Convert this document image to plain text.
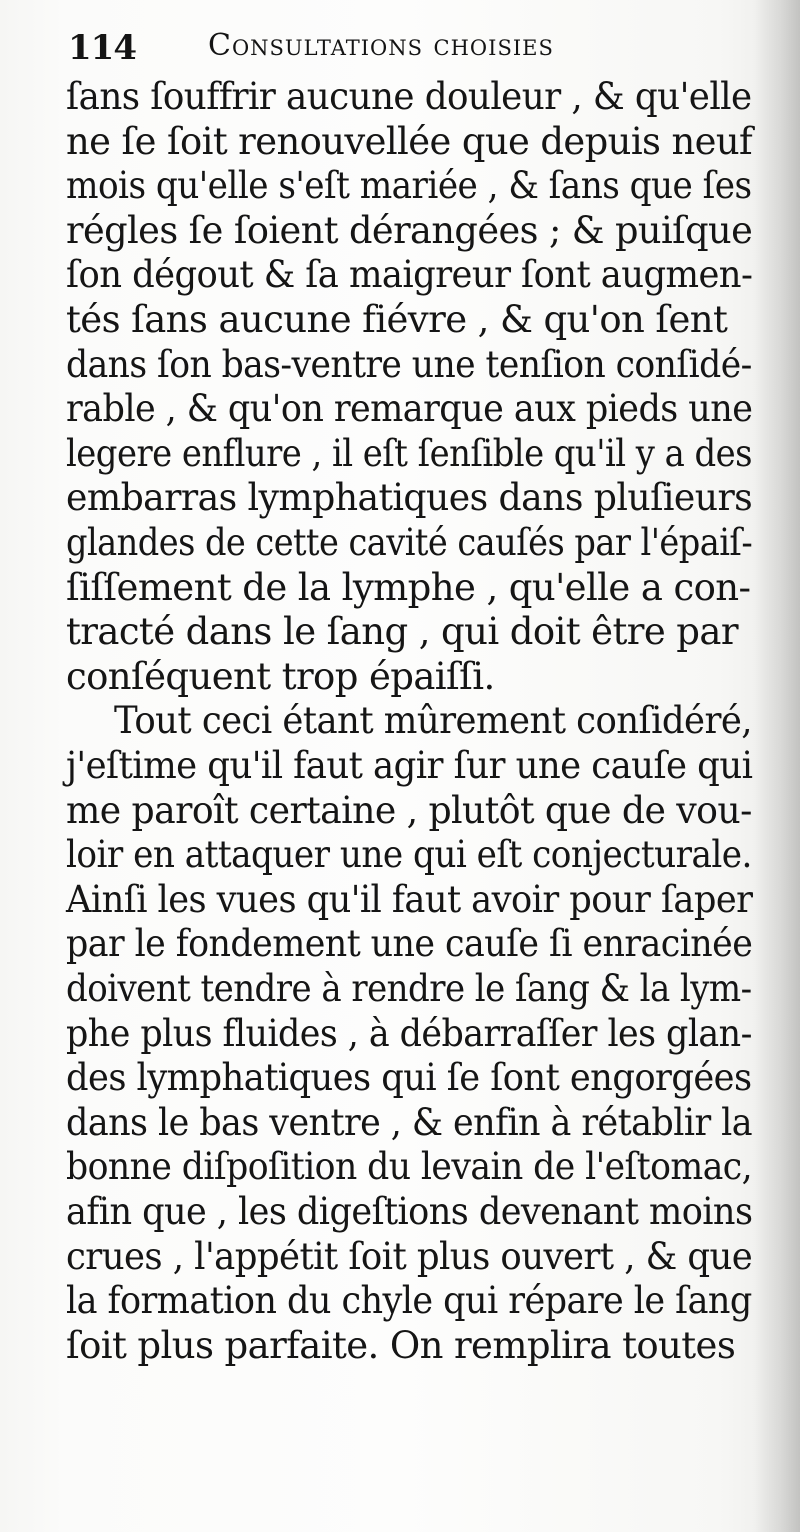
114 Consultations choisies
ſans ſouffrir aucune douleur , & qu'elle
ne ſe ſoit renouvellée que depuis neuf
mois qu'elle s'eſt mariée , & ſans que ſes
régles ſe ſoient dérangées ; & puiſque
ſon dégout & ſa maigreur ſont augmen-
tés ſans aucune fiévre , & qu'on ſent
dans ſon bas-ventre une tenſion conſidé-
rable , & qu'on remarque aux pieds une
legere enflure , il eſt ſenſible qu'il y a des
embarras lymphatiques dans pluſieurs
glandes de cette cavité cauſés par l'épaiſ-
ſiſſement de la lymphe , qu'elle a con-
tracté dans le ſang , qui doit être par
conſéquent trop épaiſſi.
Tout ceci étant mûrement conſidéré,
j'eſtime qu'il faut agir ſur une cauſe qui
me paroît certaine , plutôt que de vou-
loir en attaquer une qui eſt conjecturale.
Ainſi les vues qu'il faut avoir pour ſaper
par le fondement une cauſe ſi enracinée
doivent tendre à rendre le ſang & la lym-
phe plus fluides , à débarraſſer les glan-
des lymphatiques qui ſe ſont engorgées
dans le bas ventre , & enfin à rétablir la
bonne diſpoſition du levain de l'eſtomac,
afin que , les digeſtions devenant moins
crues , l'appétit ſoit plus ouvert , & que
la formation du chyle qui répare le ſang
ſoit plus parfaite. On remplira toutes
